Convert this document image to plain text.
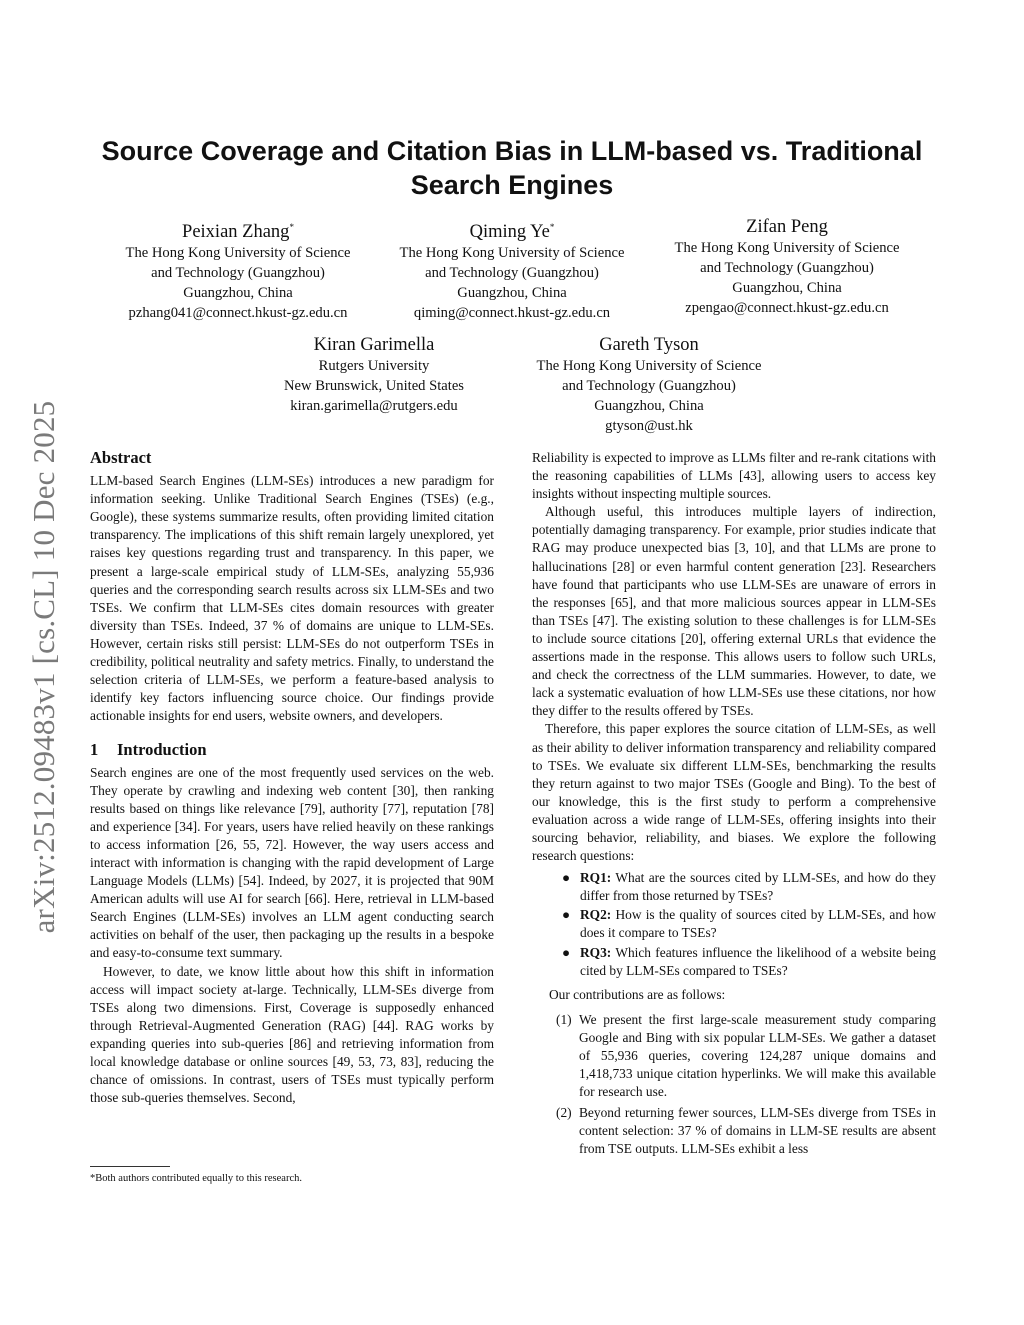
arXiv:2512.09483v1 [cs.CL] 10 Dec 2025
Source Coverage and Citation Bias in LLM-based vs. Traditional Search Engines
Peixian Zhang*
The Hong Kong University of Science
and Technology (Guangzhou)
Guangzhou, China
pzhang041@connect.hkust-gz.edu.cn
Qiming Ye*
The Hong Kong University of Science
and Technology (Guangzhou)
Guangzhou, China
qiming@connect.hkust-gz.edu.cn
Zifan Peng
The Hong Kong University of Science
and Technology (Guangzhou)
Guangzhou, China
zpengao@connect.hkust-gz.edu.cn
Kiran Garimella
Rutgers University
New Brunswick, United States
kiran.garimella@rutgers.edu
Gareth Tyson
The Hong Kong University of Science
and Technology (Guangzhou)
Guangzhou, China
gtyson@ust.hk
Abstract

LLM-based Search Engines (LLM-SEs) introduces a new paradigm for information seeking. Unlike Traditional Search Engines (TSEs) (e.g., Google), these systems summarize results, often providing limited citation transparency. The implications of this shift remain largely unexplored, yet raises key questions regarding trust and transparency. In this paper, we present a large-scale empirical study of LLM-SEs, analyzing 55,936 queries and the corresponding search results across six LLM-SEs and two TSEs. We confirm that LLM-SEs cites domain resources with greater diversity than TSEs. Indeed, 37 % of domains are unique to LLM-SEs. However, certain risks still persist: LLM-SEs do not outperform TSEs in credibility, political neutrality and safety metrics. Finally, to understand the selection criteria of LLM-SEs, we perform a feature-based analysis to identify key factors influencing source choice. Our findings provide actionable insights for end users, website owners, and developers.

1 Introduction

Search engines are one of the most frequently used services on the web. They operate by crawling and indexing web content [30], then ranking results based on things like relevance [79], authority [77], reputation [78] and experience [34]. For years, users have relied heavily on these rankings to access information [26, 55, 72]. However, the way users access and interact with information is changing with the rapid development of Large Language Models (LLMs) [54]. Indeed, by 2027, it is projected that 90M American adults will use AI for search [66]. Here, retrieval in LLM-based Search Engines (LLM-SEs) involves an LLM agent conducting search activities on behalf of the user, then packaging up the results in a bespoke and easy-to-consume text summary.

However, to date, we know little about how this shift in information access will impact society at-large. Technically, LLM-SEs diverge from TSEs along two dimensions. First, Coverage is supposedly enhanced through Retrieval-Augmented Generation (RAG) [44]. RAG works by expanding queries into sub-queries [86] and retrieving information from local knowledge database or online sources [49, 53, 73, 83], reducing the chance of omissions. In contrast, users of TSEs must typically perform those sub-queries themselves. Second,

Reliability is expected to improve as LLMs filter and re-rank citations with the reasoning capabilities of LLMs [43], allowing users to access key insights without inspecting multiple sources.

Although useful, this introduces multiple layers of indirection, potentially damaging transparency. For example, prior studies indicate that RAG may produce unexpected bias [3, 10], and that LLMs are prone to hallucinations [28] or even harmful content generation [23]. Researchers have found that participants who use LLM-SEs are unaware of errors in the responses [65], and that more malicious sources appear in LLM-SEs than TSEs [47]. The existing solution to these challenges is for LLM-SEs to include source citations [20], offering external URLs that evidence the assertions made in the response. This allows users to follow such URLs, and check the correctness of the LLM summaries. However, to date, we lack a systematic evaluation of how LLM-SEs use these citations, nor how they differ to the results offered by TSEs.

Therefore, this paper explores the source citation of LLM-SEs, as well as their ability to deliver information transparency and reliability compared to TSEs. We evaluate six different LLM-SEs, benchmarking the results they return against to two major TSEs (Google and Bing). To the best of our knowledge, this is the first study to perform a comprehensive evaluation across a wide range of LLM-SEs, offering insights into their sourcing behavior, reliability, and biases. We explore the following research questions:

● RQ1: What are the sources cited by LLM-SEs, and how do they differ from those returned by TSEs?
● RQ2: How is the quality of sources cited by LLM-SEs, and how does it compare to TSEs?
● RQ3: Which features influence the likelihood of a website being cited by LLM-SEs compared to TSEs?

Our contributions are as follows:

(1) We present the first large-scale measurement study comparing Google and Bing with six popular LLM-SEs. We gather a dataset of 55,936 queries, covering 124,287 unique domains and 1,418,733 unique citation hyperlinks. We will make this available for research use.
(2) Beyond returning fewer sources, LLM-SEs diverge from TSEs in content selection: 37 % of domains in LLM-SE results are absent from TSE outputs. LLM-SEs exhibit a less
*Both authors contributed equally to this research.
